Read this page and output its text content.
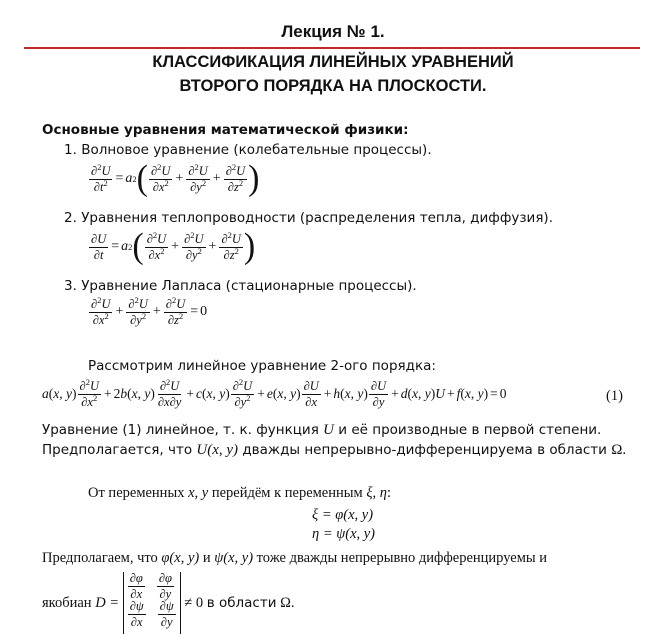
Лекция № 1.
КЛАССИФИКАЦИЯ ЛИНЕЙНЫХ УРАВНЕНИЙ
ВТОРОГО ПОРЯДКА НА ПЛОСКОСТИ.
Основные уравнения математической физики:
1. Волновое уравнение (колебательные процессы).
$\frac{\partial^2U}{\partial t^2} = a$ 2 ( $\frac{\partial^2U}{\partial x^2} + \frac{\partial^2U}{\partial y^2} + \frac{\partial^2U}{\partial z^2}$ )
2. Уравнения теплопроводности (распределения тепла, диффузия).
$\frac{\partial U}{\partial t} = a$ 2 ( $\frac{\partial^2U}{\partial x^2} + \frac{\partial^2U}{\partial y^2} + \frac{\partial^2U}{\partial z^2}$ )
3. Уравнение Лапласа (стационарные процессы).
$\frac{\partial^2U}{\partial x^2} + \frac{\partial^2U}{\partial y^2} + \frac{\partial^2U}{\partial z^2} = 0$
Рассмотрим линейное уравнение 2-ого порядка:
a ( x , y ) $\frac{\partial^2U}{\partial x^2} + 2$ b ( x , y ) $\frac{\partial^2U}{\partial x\partial y} + c$ ( x , y ) $\frac{\partial^2U}{\partial y^2} + e$ ( x , y ) $\frac{\partial U}{\partial x} + h$ ( x , y ) $\frac{\partial U}{\partial y} + d$ ( x , y ) U + f ( x , y ) = 0	(1)
Уравнение (1) линейное, т. к. функция U и её производные в первой степени.
Предполагается, что U(x, y) дважды непрерывно-дифференцируема в области Ω.
От переменных x, y перейдём к переменным ξ, η:
ξ = φ(x, y)
η = ψ(x, y)
Предполагаем, что φ(x, y) и ψ(x, y) тоже дважды непрерывно дифференцируемы и
якобиан
D =

$\frac{\partial\varphi}{\partial x} \frac{\partial\varphi}{\partial y}$
$\frac{\partial\psi}{\partial x} \frac{\partial\psi}{\partial y}$
≠ 0
в области
Ω.
